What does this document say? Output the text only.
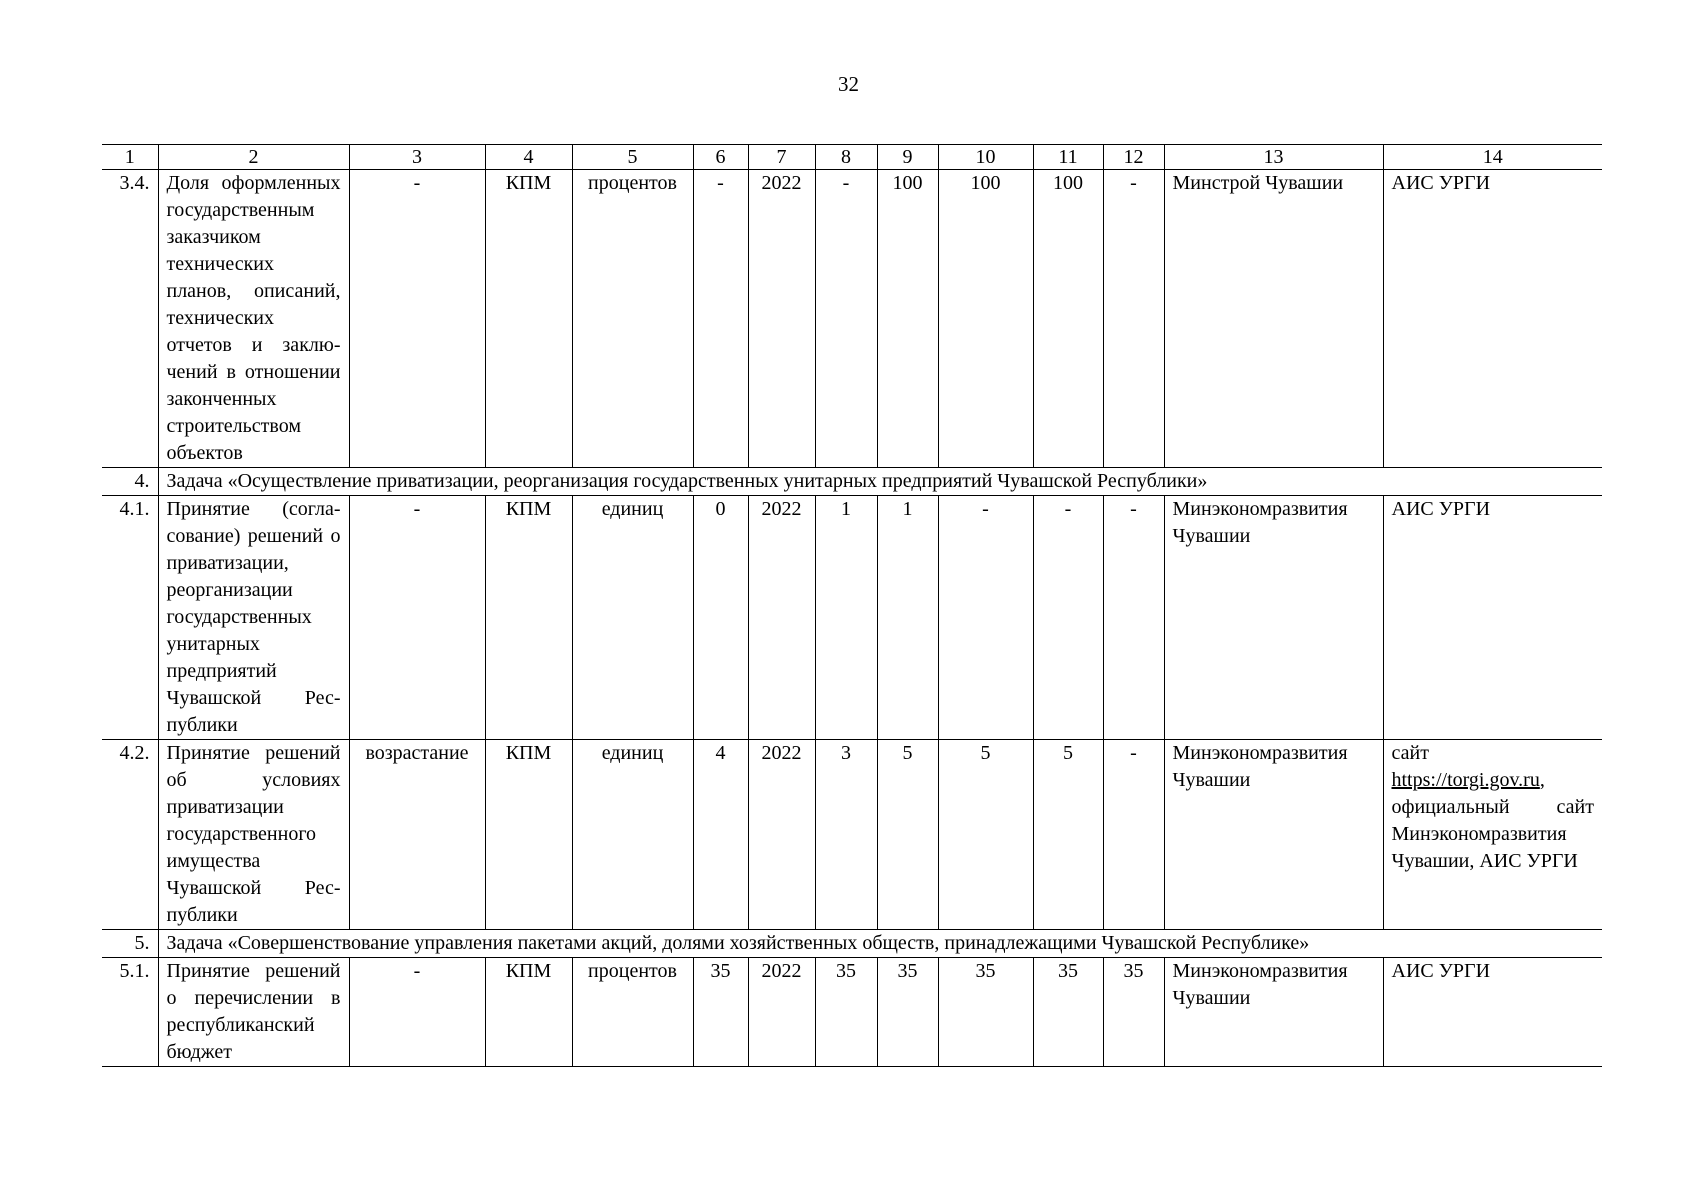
32
1	2	3	4	5	6	7	8	9	10	11	12	13	14
3.4.	Доля оформленных государственным заказчиком технических планов, описаний, технических отчетов и заключений в отношении законченных строительством объектов	-	КПМ	процентов	-	2022	-	100	100	100	-	Минстрой Чувашии	АИС УРГИ
4.	Задача «Осуществление приватизации, реорганизация государственных унитарных предприятий Чувашской Республики»												
4.1.	Принятие (согласование) решений о приватизации, реорганизации государственных унитарных предприятий Чувашской Республики	-	КПМ	единиц	0	2022	1	1	-	-	-	Минэкономразвития Чувашии	АИС УРГИ
4.2.	Принятие решений об условиях приватизации государственного имущества Чувашской Республики	возрастание	КПМ	единиц	4	2022	3	5	5	5	-	Минэкономразвития Чувашии	сайт
https://torgi.gov.ru, официальный сайт Минэкономразвития Чувашии, АИС УРГИ
5.	Задача «Совершенствование управления пакетами акций, долями хозяйственных обществ, принадлежащими Чувашской Республике»												
5.1.	Принятие решений о перечислении в республиканский бюджет	-	КПМ	процентов	35	2022	35	35	35	35	35	Минэкономразвития Чувашии	АИС УРГИ
